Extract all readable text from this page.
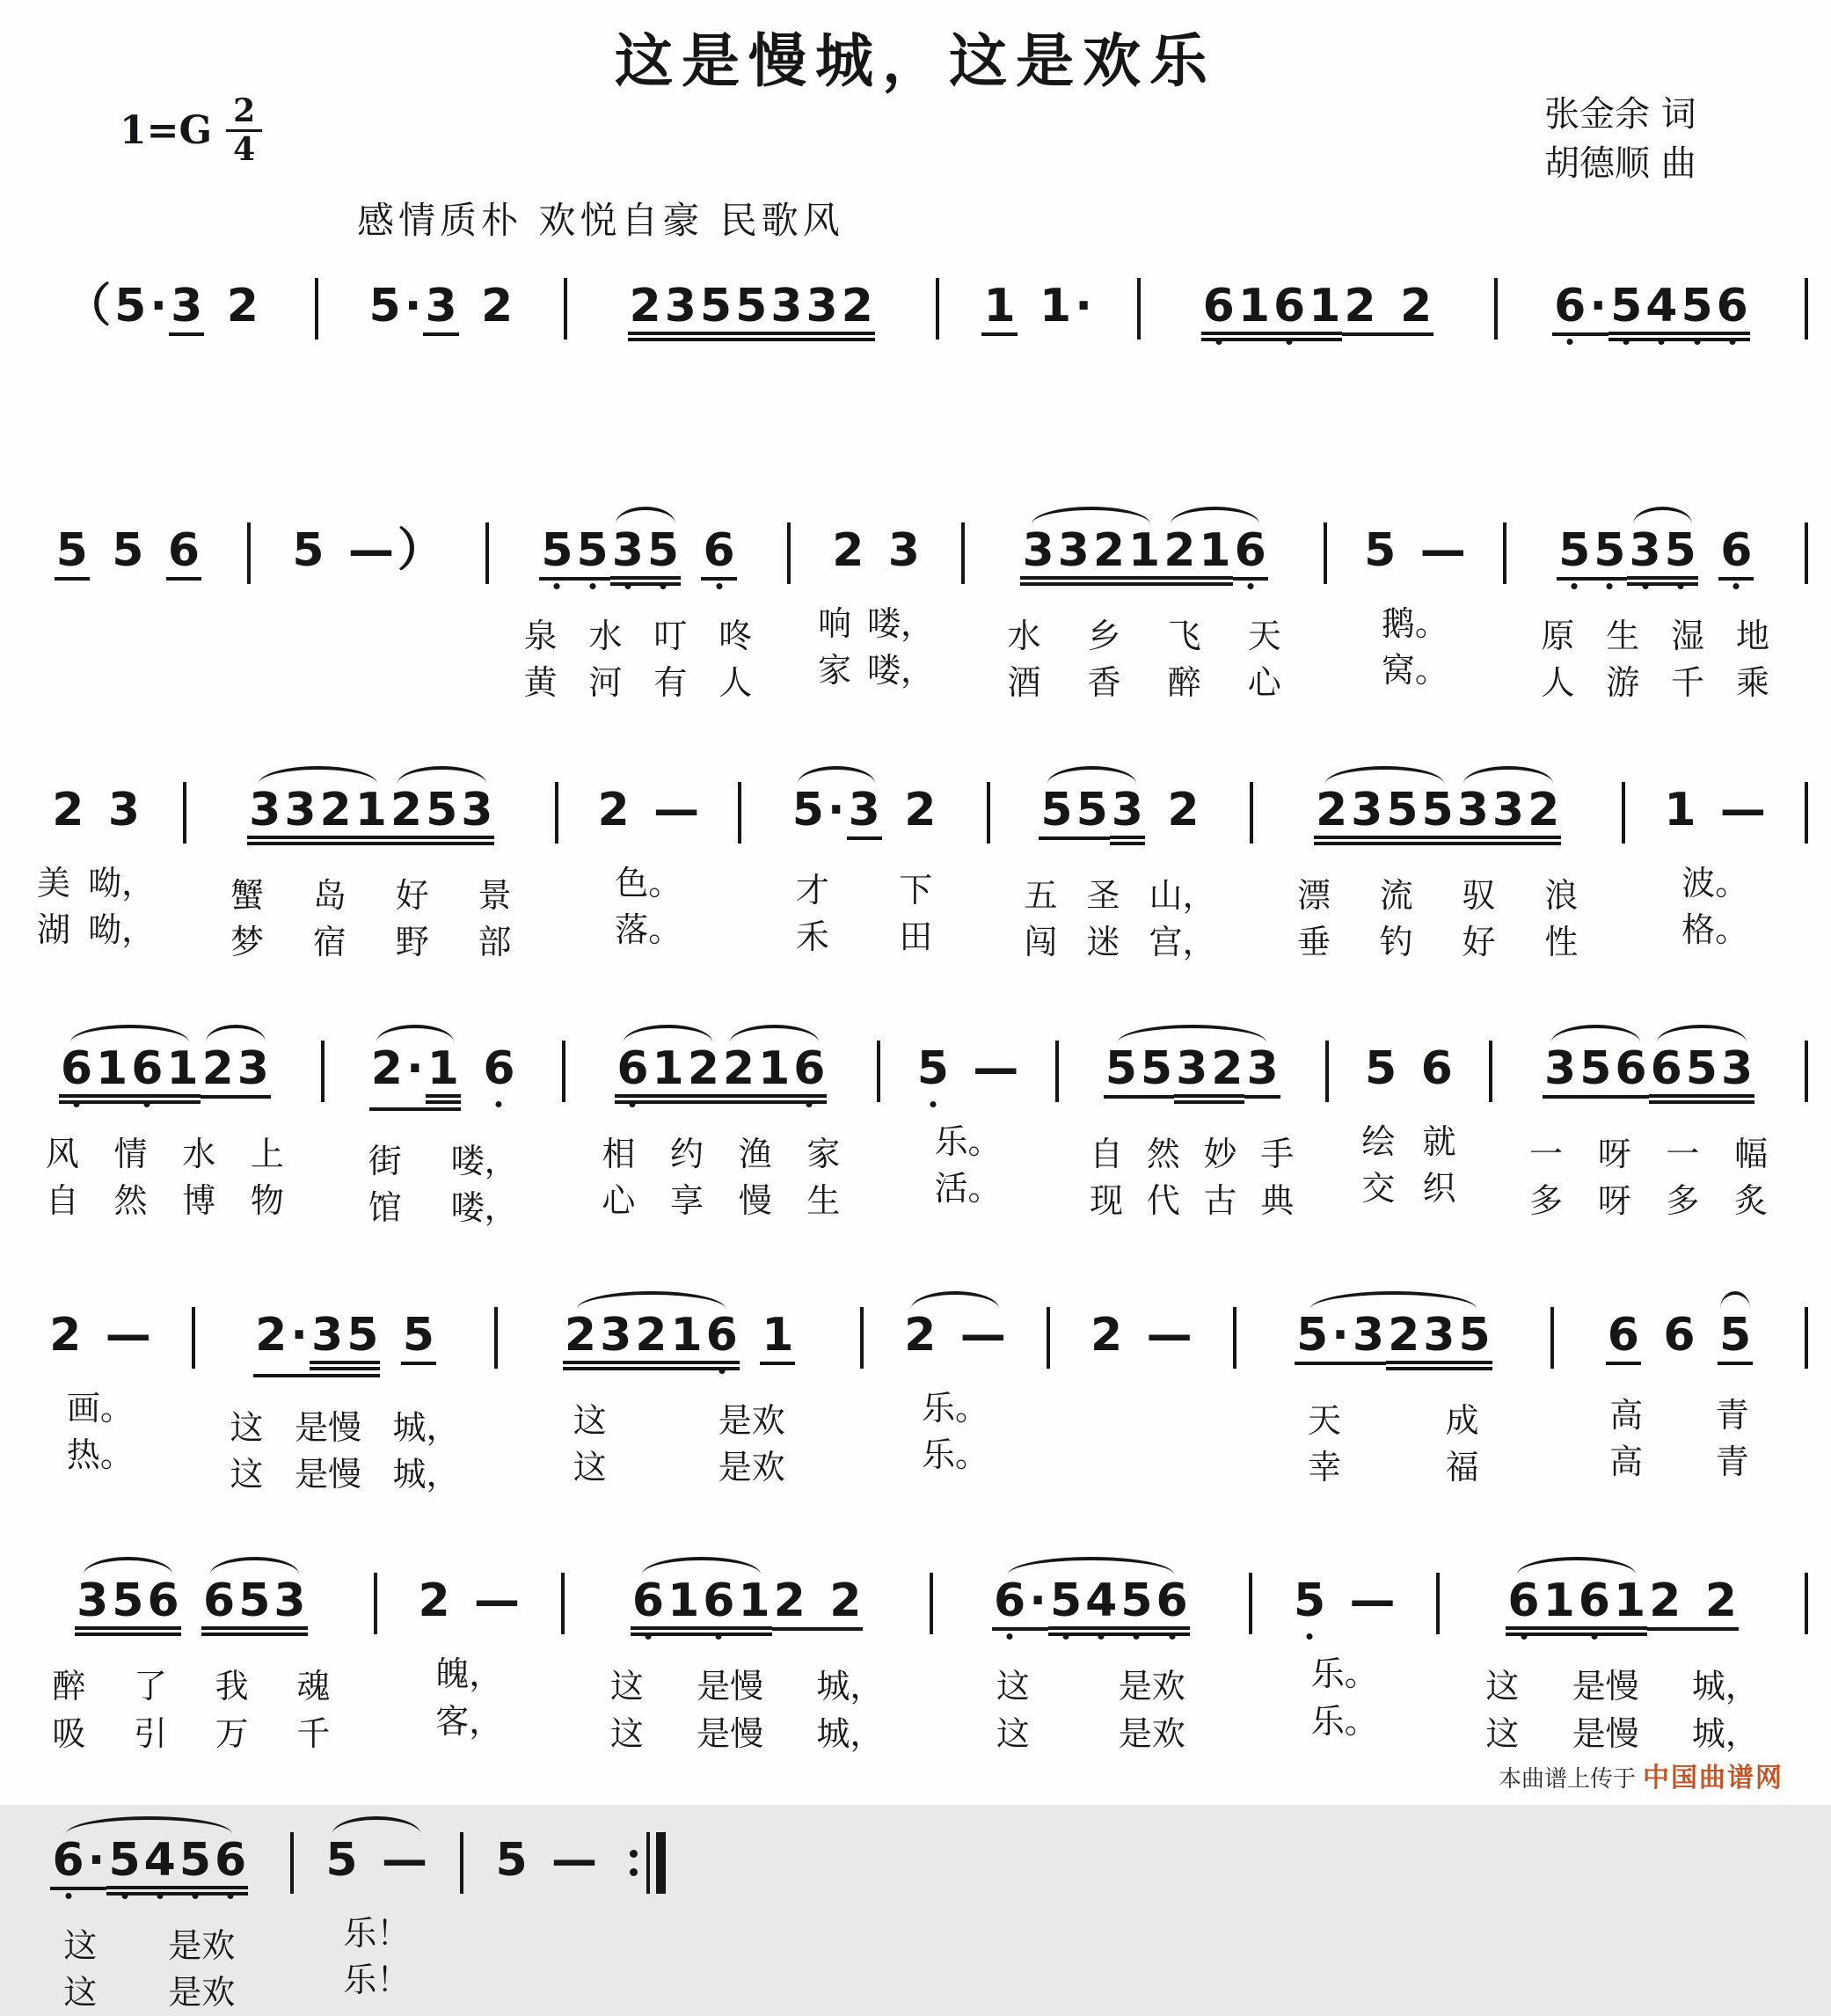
这是慢城，这是欢乐
张金余 词
胡德顺 曲
$1=G \frac{2}{4}$
感情质朴 欢悦自豪 民歌风
（5·3 2	5·3 2	2355332	1 1·	61612 2	6·5456
5 5 6	5 —）	5535 6
泉 水 叮 咚
黄 河 有 人
2 3
响 喽，
家 喽，
3321216
水 乡 飞 天
酒 香 醉 心
5 —
鹅。
窝。
5535 6
原 生 湿 地
人 游 千 乘
2 3
美 呦，
湖 呦，
3321253
蟹 岛 好 景
梦 宿 野 部
2 —
色。
落。
5·3 2
才 下
禾 田
553 2
五 圣 山，
闯 迷 宫，
2355332
漂 流 驭 浪
垂 钓 好 性
1 —
波。
格。
616123
风 情 水 上
自 然 博 物
2·1 6
街 喽，
馆 喽，
612216
相 约 渔 家
心 享 慢 生
5 —
乐。
活。
55323
自 然 妙 手
现 代 古 典
5 6
绘 就
交 织
356653
一 呀 一 幅
多 呀 多 炙
2 —
画。
热。
2·35 5
这 是慢 城，
这 是慢 城，
23216 1
这	是欢
这	是欢
2 —
乐。
乐。
2 —	5·3235
天	成
幸	福
6 6 5
高 青
高 青
356 653
醉 了 我 魂
吸 引 万 千
2 —
魄，
客，
61612 2
这 是慢 城，
这 是慢 城，
6·5456
这	是欢
这	是欢
5 —
乐。
乐。
61612 2
这 是慢 城，
这 是慢 城，
6·5456
这 是欢
这 是欢
5 —
乐！
乐！
5 —
本曲谱上传于 中国曲谱网
